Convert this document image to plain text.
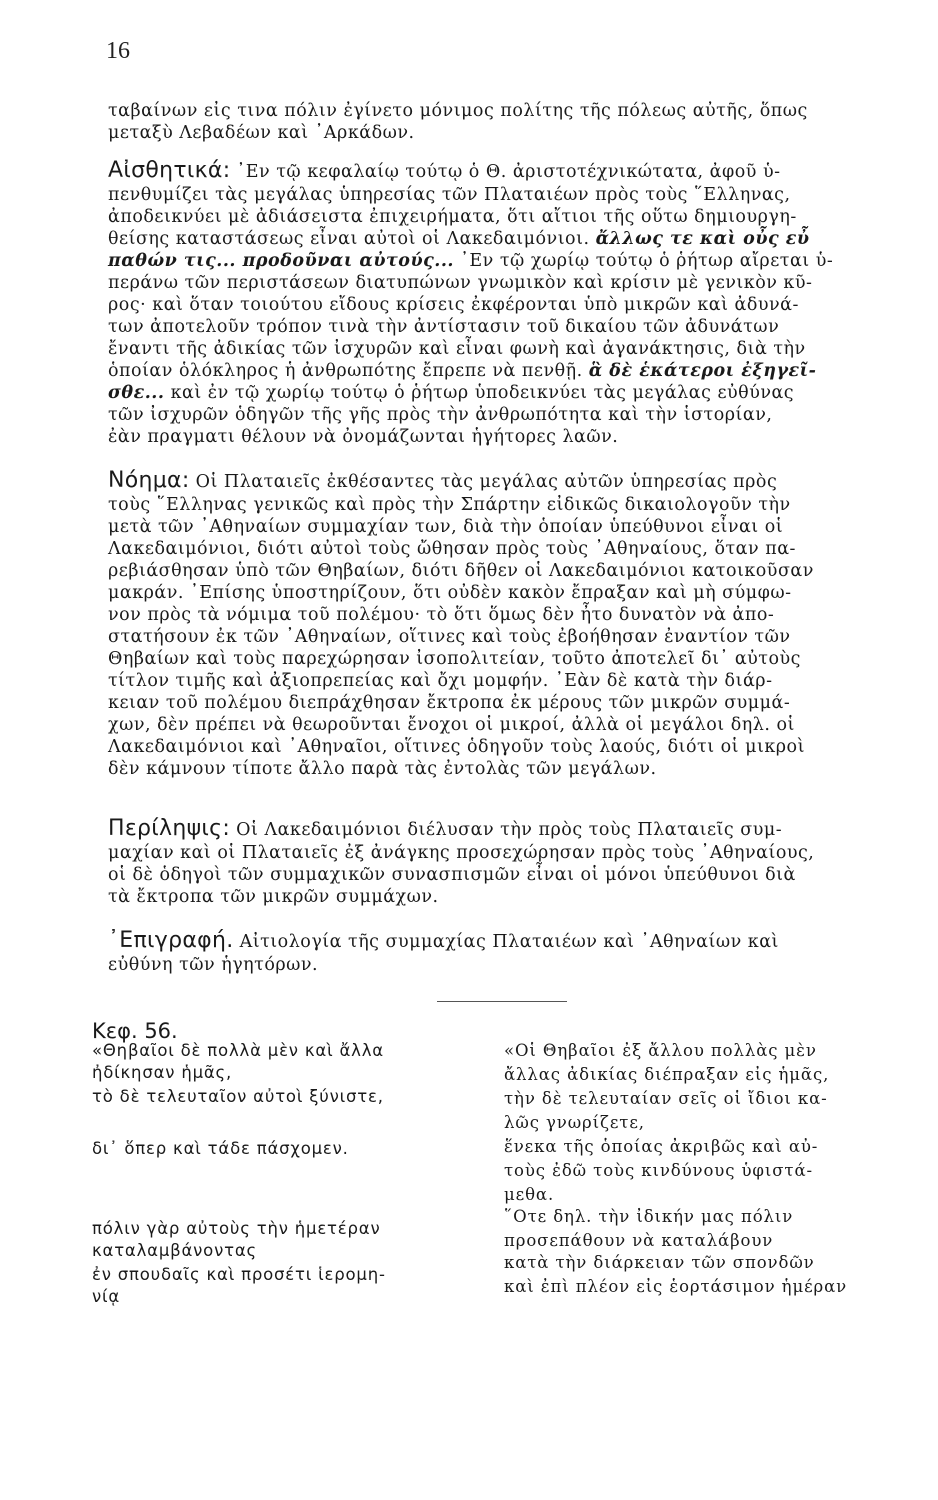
16
ταβαίνων εἰς τινα πόλιν ἐγίνετο μόνιμος πολίτης τῆς πόλεως αὐτῆς, ὅπως
μεταξὺ Λεβαδέων καὶ ᾿Αρκάδων.
Αἰσθητικά: ᾿Εν τῷ κεφαλαίῳ τούτῳ ὁ Θ. ἀριστοτέχνικώτατα, ἀφοῦ ὑ-
πενθυμίζει τὰς μεγάλας ὑπηρεσίας τῶν Πλαταιέων πρὸς τοὺς ῞Ελληνας,
ἀποδεικνύει μὲ ἀδιάσειστα ἐπιχειρήματα, ὅτι αἴτιοι τῆς οὕτω δημιουργη-
θείσης καταστάσεως εἶναι αὐτοὶ οἱ Λακεδαιμόνιοι. ἄλλως τε καὶ οὖς εὖ
παθών τις... προδοῦναι αὐτούς... ᾿Εν τῷ χωρίῳ τούτῳ ὁ ῥήτωρ αἴρεται ὑ-
περάνω τῶν περιστάσεων διατυπώνων γνωμικὸν καὶ κρίσιν μὲ γενικὸν κῦ-
ρος· καὶ ὅταν τοιούτου εἴδους κρίσεις ἐκφέρονται ὑπὸ μικρῶν καὶ ἀδυνά-
των ἀποτελοῦν τρόπον τινὰ τὴν ἀντίστασιν τοῦ δικαίου τῶν ἀδυνάτων
ἔναντι τῆς ἀδικίας τῶν ἰσχυρῶν καὶ εἶναι φωνὴ καὶ ἀγανάκτησις, διὰ τὴν
ὁποίαν ὁλόκληρος ἡ ἀνθρωπότης ἔπρεπε νὰ πενθῇ. ἃ δὲ ἑκάτεροι ἐξηγεῖ-
σθε... καὶ ἐν τῷ χωρίῳ τούτῳ ὁ ῥήτωρ ὑποδεικνύει τὰς μεγάλας εὐθύνας
τῶν ἰσχυρῶν ὁδηγῶν τῆς γῆς πρὸς τὴν ἀνθρωπότητα καὶ τὴν ἱστορίαν,
ἐὰν πραγματι θέλουν νὰ ὀνομάζωνται ἡγήτορες λαῶν.
Νόημα: Οἱ Πλαταιεῖς ἐκθέσαντες τὰς μεγάλας αὐτῶν ὑπηρεσίας πρὸς
τοὺς ῞Ελληνας γενικῶς καὶ πρὸς τὴν Σπάρτην εἰδικῶς δικαιολογοῦν τὴν
μετὰ τῶν ᾿Αθηναίων συμμαχίαν των, διὰ τὴν ὁποίαν ὑπεύθυνοι εἶναι οἱ
Λακεδαιμόνιοι, διότι αὐτοὶ τοὺς ὤθησαν πρὸς τοὺς ᾿Αθηναίους, ὅταν πα-
ρεβιάσθησαν ὑπὸ τῶν Θηβαίων, διότι δῆθεν οἱ Λακεδαιμόνιοι κατοικοῦσαν
μακράν. ᾿Επίσης ὑποστηρίζουν, ὅτι οὐδὲν κακὸν ἔπραξαν καὶ μὴ σύμφω-
νον πρὸς τὰ νόμιμα τοῦ πολέμου· τὸ ὅτι ὅμως δὲν ἦτο δυνατὸν νὰ ἀπο-
στατήσουν ἐκ τῶν ᾿Αθηναίων, οἵτινες καὶ τοὺς ἐβοήθησαν ἐναντίον τῶν
Θηβαίων καὶ τοὺς παρεχώρησαν ἰσοπολιτείαν, τοῦτο ἀποτελεῖ δι᾿ αὐτοὺς
τίτλον τιμῆς καὶ ἀξιοπρεπείας καὶ ὄχι μομφήν. ᾿Εὰν δὲ κατὰ τὴν διάρ-
κειαν τοῦ πολέμου διεπράχθησαν ἔκτροπα ἐκ μέρους τῶν μικρῶν συμμά-
χων, δὲν πρέπει νὰ θεωροῦνται ἔνοχοι οἱ μικροί, ἀλλὰ οἱ μεγάλοι δηλ. οἱ
Λακεδαιμόνιοι καὶ ᾿Αθηναῖοι, οἵτινες ὁδηγοῦν τοὺς λαούς, διότι οἱ μικροὶ
δὲν κάμνουν τίποτε ἄλλο παρὰ τὰς ἐντολὰς τῶν μεγάλων.
Περίληψις: Οἱ Λακεδαιμόνιοι διέλυσαν τὴν πρὸς τοὺς Πλαταιεῖς συμ-
μαχίαν καὶ οἱ Πλαταιεῖς ἐξ ἀνάγκης προσεχώρησαν πρὸς τοὺς ᾿Αθηναίους,
οἱ δὲ ὁδηγοὶ τῶν συμμαχικῶν συνασπισμῶν εἶναι οἱ μόνοι ὑπεύθυνοι διὰ
τὰ ἔκτροπα τῶν μικρῶν συμμάχων.
᾿Επιγραφή. Αἰτιολογία τῆς συμμαχίας Πλαταιέων καὶ ᾿Αθηναίων καὶ
εὐθύνη τῶν ἡγητόρων.
Κεφ. 56.
«Θηβαῖοι δὲ πολλὰ μὲν καὶ ἄλλα
ἠδίκησαν ἡμᾶς,
τὸ δὲ τελευταῖον αὐτοὶ ξύνιστε,
δι᾿ ὅπερ καὶ τάδε πάσχομεν.
πόλιν γὰρ αὐτοὺς τὴν ἡμετέραν
καταλαμβάνοντας
ἐν σπουδαῖς καὶ προσέτι ἱερομη-
νίᾳ
«Οἱ Θηβαῖοι ἐξ ἄλλου πολλὰς μὲν
ἄλλας ἀδικίας διέπραξαν εἰς ἡμᾶς,
τὴν δὲ τελευταίαν σεῖς οἱ ἴδιοι κα-
λῶς γνωρίζετε,
ἕνεκα τῆς ὁποίας ἀκριβῶς καὶ αὐ-
τοὺς ἐδῶ τοὺς κινδύνους ὑφιστά-
μεθα.
῞Οτε δηλ. τὴν ἰδικήν μας πόλιν
προσεπάθουν νὰ καταλάβουν
κατὰ τὴν διάρκειαν τῶν σπονδῶν
καὶ ἐπὶ πλέον εἰς ἑορτάσιμον ἡμέραν
